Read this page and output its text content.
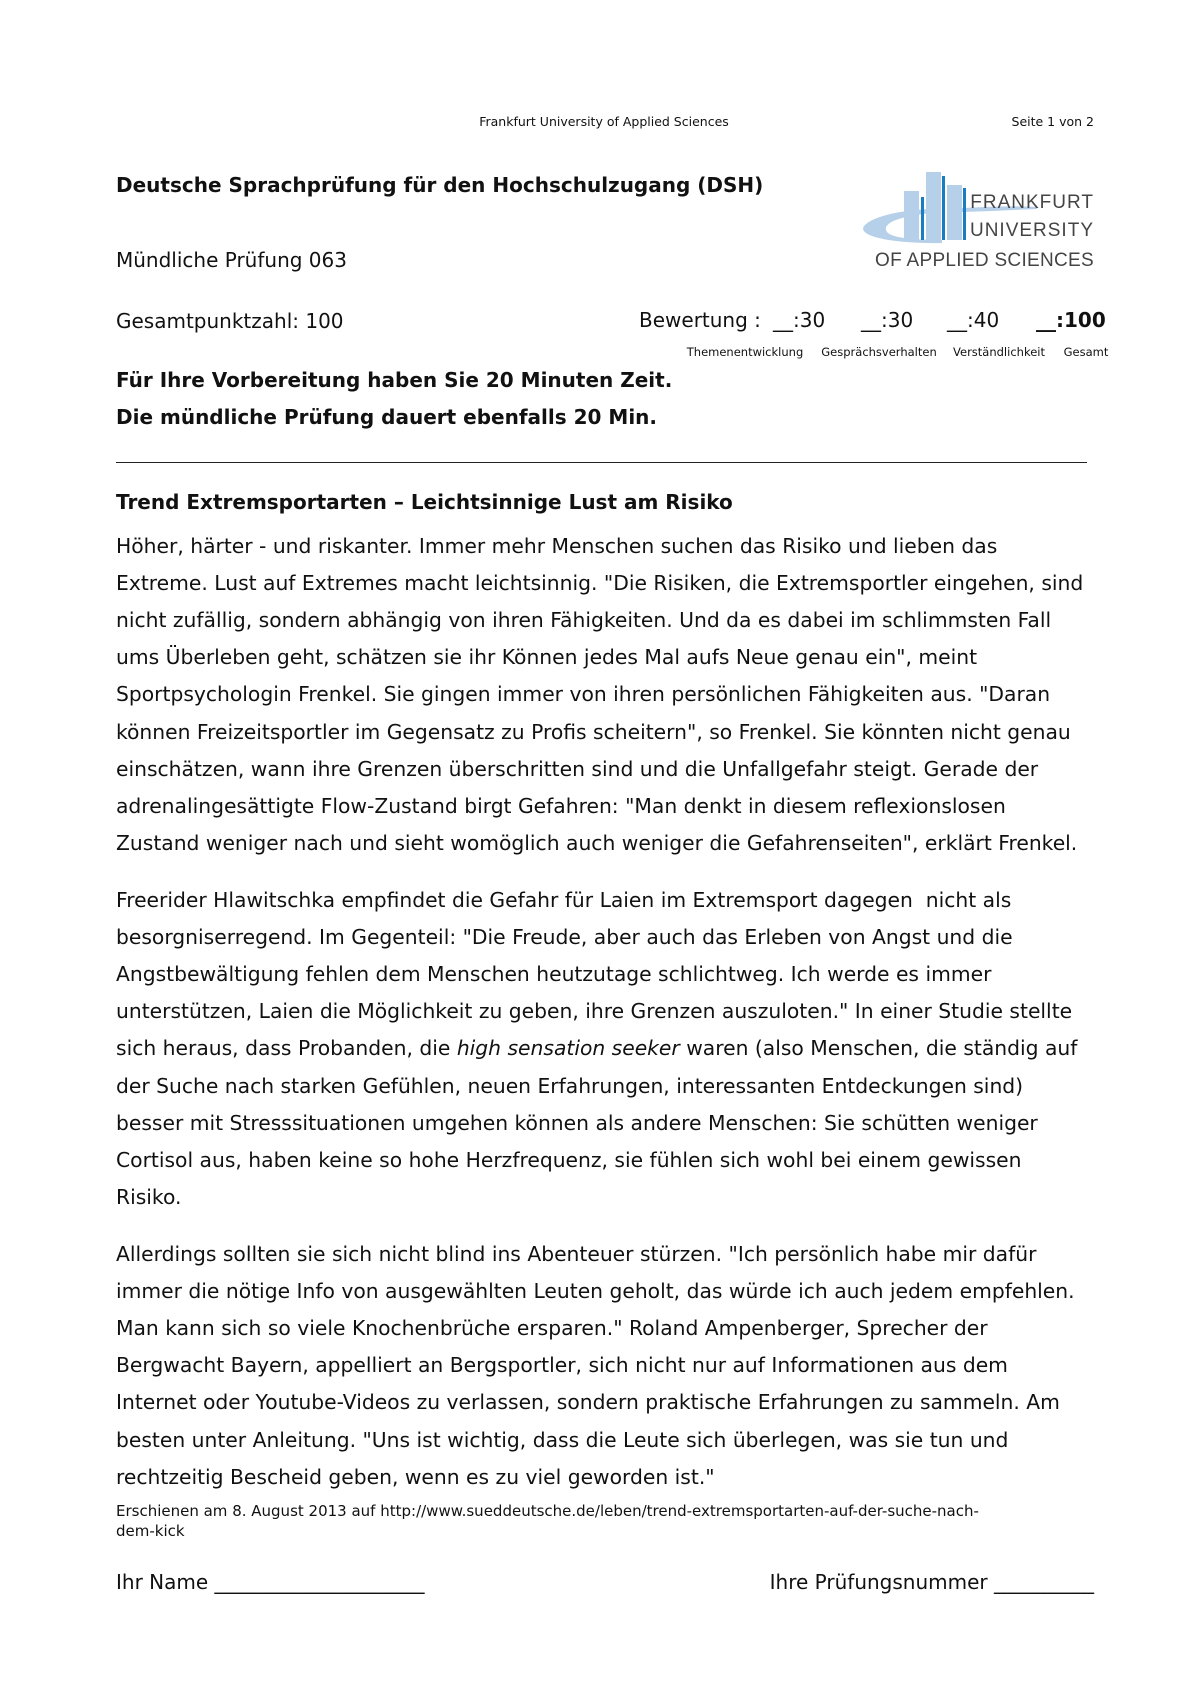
Frankfurt University of Applied Sciences	Seite 1 von 2
FRANKFURT
UNIVERSITY
OF APPLIED SCIENCES
Deutsche Sprachprüfung für den Hochschulzugang (DSH)
Mündliche Prüfung 063
Gesamtpunktzahl: 100	Bewertung : __:30 __:30 __:40 __:100
Themenentwicklung Gesprächsverhalten Verständlichkeit Gesamt
Für Ihre Vorbereitung haben Sie 20 Minuten Zeit.
Die mündliche Prüfung dauert ebenfalls 20 Min.
Trend Extremsportarten – Leichtsinnige Lust am Risiko
Höher, härter - und riskanter. Immer mehr Menschen suchen das Risiko und lieben das
Extreme. Lust auf Extremes macht leichtsinnig. "Die Risiken, die Extremsportler eingehen, sind
nicht zufällig, sondern abhängig von ihren Fähigkeiten. Und da es dabei im schlimmsten Fall
ums Überleben geht, schätzen sie ihr Können jedes Mal aufs Neue genau ein", meint
Sportpsychologin Frenkel. Sie gingen immer von ihren persönlichen Fähigkeiten aus. "Daran
können Freizeitsportler im Gegensatz zu Profis scheitern", so Frenkel. Sie könnten nicht genau
einschätzen, wann ihre Grenzen überschritten sind und die Unfallgefahr steigt. Gerade der
adrenalingesättigte Flow-Zustand birgt Gefahren: "Man denkt in diesem reflexionslosen
Zustand weniger nach und sieht womöglich auch weniger die Gefahrenseiten", erklärt Frenkel.
Freerider Hlawitschka empfindet die Gefahr für Laien im Extremsport dagegen  nicht als
besorgniserregend. Im Gegenteil: "Die Freude, aber auch das Erleben von Angst und die
Angstbewältigung fehlen dem Menschen heutzutage schlichtweg. Ich werde es immer
unterstützen, Laien die Möglichkeit zu geben, ihre Grenzen auszuloten." In einer Studie stellte
sich heraus, dass Probanden, die high sensation seeker waren (also Menschen, die ständig auf
der Suche nach starken Gefühlen, neuen Erfahrungen, interessanten Entdeckungen sind)
besser mit Stresssituationen umgehen können als andere Menschen: Sie schütten weniger
Cortisol aus, haben keine so hohe Herzfrequenz, sie fühlen sich wohl bei einem gewissen
Risiko.
Allerdings sollten sie sich nicht blind ins Abenteuer stürzen. "Ich persönlich habe mir dafür
immer die nötige Info von ausgewählten Leuten geholt, das würde ich auch jedem empfehlen.
Man kann sich so viele Knochenbrüche ersparen." Roland Ampenberger, Sprecher der
Bergwacht Bayern, appelliert an Bergsportler, sich nicht nur auf Informationen aus dem
Internet oder Youtube-Videos zu verlassen, sondern praktische Erfahrungen zu sammeln. Am
besten unter Anleitung. "Uns ist wichtig, dass die Leute sich überlegen, was sie tun und
rechtzeitig Bescheid geben, wenn es zu viel geworden ist."
Erschienen am 8. August 2013 auf http://www.sueddeutsche.de/leben/trend-extremsportarten-auf-der-suche-nach-
dem-kick
Ihr Name _____________________	Ihre Prüfungsnummer __________
